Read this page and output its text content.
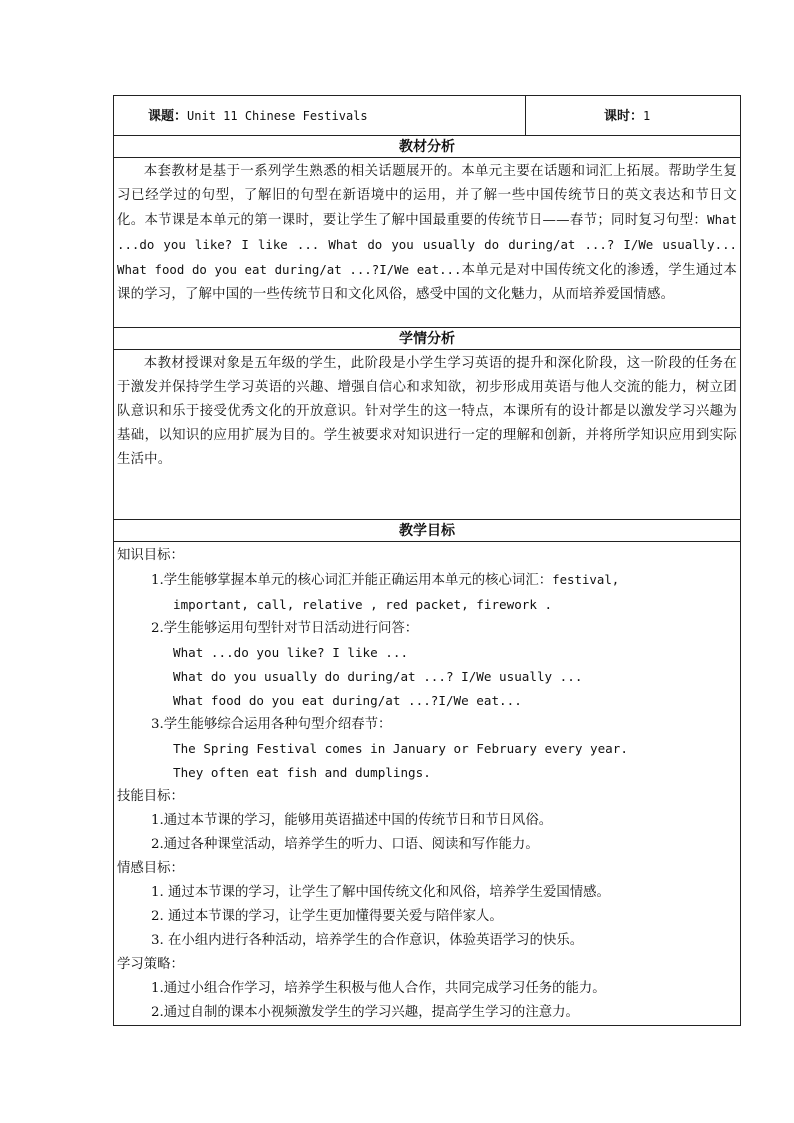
课题：Unit 11 Chinese Festivals	课时：1
教材分析
本套教材是基于一系列学生熟悉的相关话题展开的。本单元主要在话题和词汇上拓展。帮助学生复习已经学过的句型，了解旧的句型在新语境中的运用，并了解一些中国传统节日的英文表达和节日文化。本节课是本单元的第一课时，要让学生了解中国最重要的传统节日——春节；同时复习句型：What ...do you like? I like ... What do you usually do during/at ...? I/We usually... What food do you eat during/at ...?I/We eat...本单元是对中国传统文化的渗透，学生通过本课的学习，了解中国的一些传统节日和文化风俗，感受中国的文化魅力，从而培养爱国情感。
学情分析
本教材授课对象是五年级的学生，此阶段是小学生学习英语的提升和深化阶段，这一阶段的任务在于激发并保持学生学习英语的兴趣、增强自信心和求知欲，初步形成用英语与他人交流的能力，树立团队意识和乐于接受优秀文化的开放意识。针对学生的这一特点，本课所有的设计都是以激发学习兴趣为基础，以知识的应用扩展为目的。学生被要求对知识进行一定的理解和创新，并将所学知识应用到实际生活中。
教学目标
知识目标：
1.学生能够掌握本单元的核心词汇并能正确运用本单元的核心词汇：festival,
important, call, relative , red packet, firework .
2.学生能够运用句型针对节日活动进行问答：
What ...do you like? I like ...
What do you usually do during/at ...? I/We usually ...
What food do you eat during/at ...?I/We eat...
3.学生能够综合运用各种句型介绍春节：
The Spring Festival comes in January or February every year.
They often eat fish and dumplings.
技能目标：
1.通过本节课的学习，能够用英语描述中国的传统节日和节日风俗。
2.通过各种课堂活动，培养学生的听力、口语、阅读和写作能力。
情感目标：
1. 通过本节课的学习，让学生了解中国传统文化和风俗，培养学生爱国情感。
2. 通过本节课的学习，让学生更加懂得要关爱与陪伴家人。
3. 在小组内进行各种活动，培养学生的合作意识，体验英语学习的快乐。
学习策略：
1.通过小组合作学习，培养学生积极与他人合作，共同完成学习任务的能力。
2.通过自制的课本小视频激发学生的学习兴趣，提高学生学习的注意力。
